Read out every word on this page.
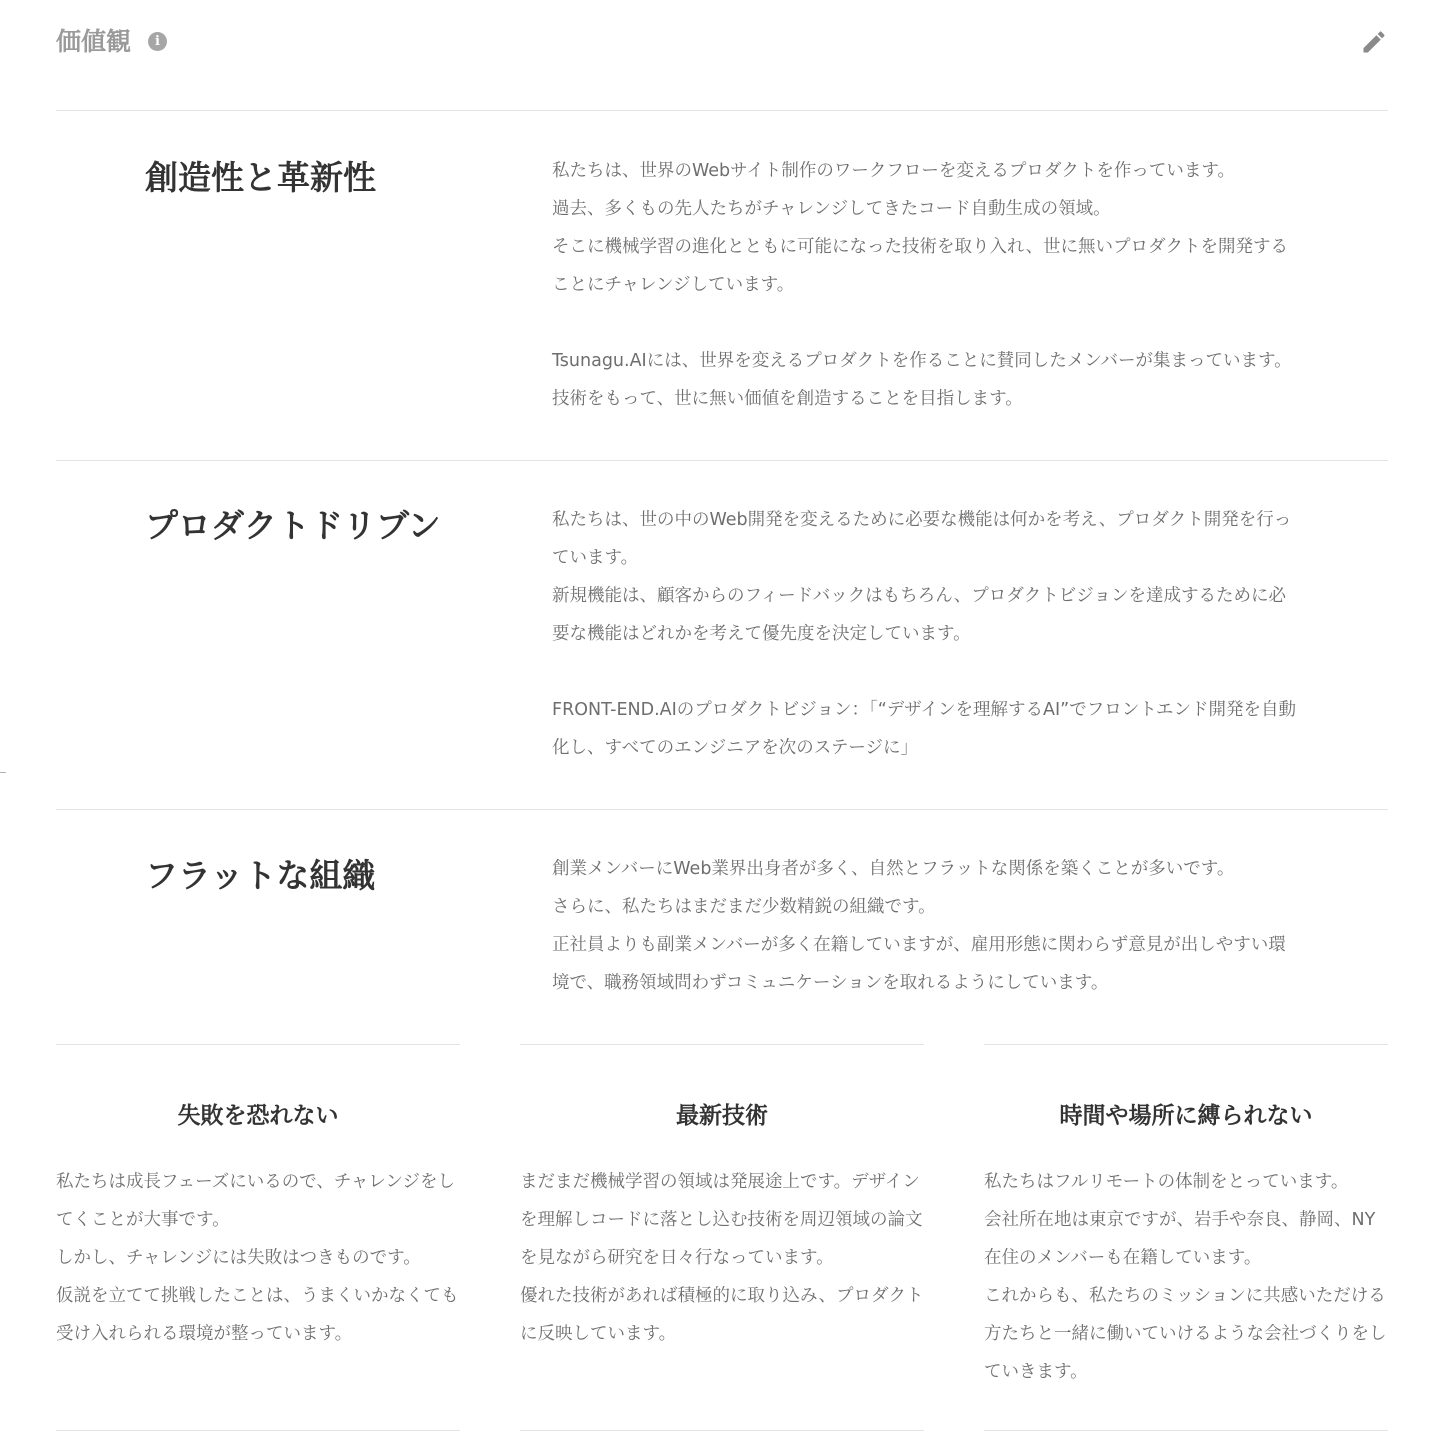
価値観	i
創造性と革新性	私たちは、世界のWebサイト制作のワークフローを変えるプロダクトを作っています。
過去、多くもの先人たちがチャレンジしてきたコード自動生成の領域。
そこに機械学習の進化とともに可能になった技術を取り入れ、世に無いプロダクトを開発することにチャレンジしています。

Tsunagu.AIには、世界を変えるプロダクトを作ることに賛同したメンバーが集まっています。技術をもって、世に無い価値を創造することを目指します。

プロダクトドリブン	私たちは、世の中のWeb開発を変えるために必要な機能は何かを考え、プロダクト開発を行っています。
新規機能は、顧客からのフィードバックはもちろん、プロダクトビジョンを達成するために必要な機能はどれかを考えて優先度を決定しています。

FRONT-END.AIのプロダクトビジョン：「“デザインを理解するAI”でフロントエンド開発を自動化し、すべてのエンジニアを次のステージに」

フラットな組織	創業メンバーにWeb業界出身者が多く、自然とフラットな関係を築くことが多いです。
さらに、私たちはまだまだ少数精鋭の組織です。
正社員よりも副業メンバーが多く在籍していますが、雇用形態に関わらず意見が出しやすい環境で、職務領域問わずコミュニケーションを取れるようにしています。

失敗を恐れない

私たちは成長フェーズにいるので、チャレンジをしてくことが大事です。
しかし、チャレンジには失敗はつきものです。
仮説を立てて挑戦したことは、うまくいかなくても受け入れられる環境が整っています。

最新技術

まだまだ機械学習の領域は発展途上です。デザインを理解しコードに落とし込む技術を周辺領域の論文を見ながら研究を日々行なっています。
優れた技術があれば積極的に取り込み、プロダクトに反映しています。

時間や場所に縛られない

私たちはフルリモートの体制をとっています。
会社所在地は東京ですが、岩手や奈良、静岡、NY在住のメンバーも在籍しています。
これからも、私たちのミッションに共感いただける方たちと一緒に働いていけるような会社づくりをしていきます。
